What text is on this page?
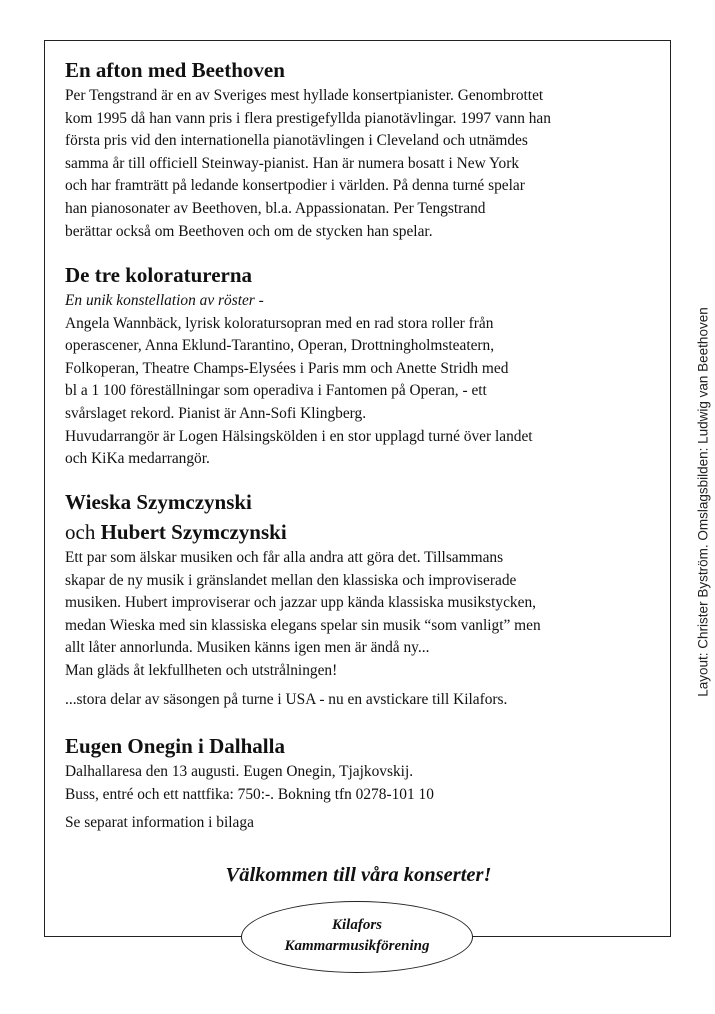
En afton med Beethoven

Per Tengstrand är en av Sveriges mest hyllade konsertpianister. Genombrottet
kom 1995 då han vann pris i flera prestigefyllda pianotävlingar. 1997 vann han
första pris vid den internationella pianotävlingen i Cleveland och utnämdes
samma år till officiell Steinway-pianist. Han är numera bosatt i New York
och har framträtt på ledande konsertpodier i världen. På denna turné spelar
han pianosonater av Beethoven, bl.a. Appassionatan. Per Tengstrand
berättar också om Beethoven och om de stycken han spelar.

De tre koloraturerna

En unik konstellation av röster -
Angela Wannbäck, lyrisk koloratursopran med en rad stora roller från
operascener, Anna Eklund-Tarantino, Operan, Drottningholmsteatern,
Folkoperan, Theatre Champs-Elysées i Paris mm och Anette Stridh med
bl a 1 100 föreställningar som operadiva i Fantomen på Operan, - ett
svårslaget rekord. Pianist är Ann-Sofi Klingberg.
Huvudarrangör är Logen Hälsingskölden i en stor upplagd turné över landet
och KiKa medarrangör.

Wieska Szymczynski
och Hubert Szymczynski

Ett par som älskar musiken och får alla andra att göra det. Tillsammans
skapar de ny musik i gränslandet mellan den klassiska och improviserade
musiken. Hubert improviserar och jazzar upp kända klassiska musikstycken,
medan Wieska med sin klassiska elegans spelar sin musik “som vanligt” men
allt låter annorlunda. Musiken känns igen men är ändå ny...
Man gläds åt lekfullheten och utstrålningen!
...stora delar av säsongen på turne i USA - nu en avstickare till Kilafors.

Eugen Onegin i Dalhalla

Dalhallaresa den 13 augusti. Eugen Onegin, Tjajkovskij.
Buss, entré och ett nattfika: 750:-. Bokning tfn 0278-101 10
Se separat information i bilaga

Välkommen till våra konserter!
Kilafors
Kammarmusikförening
Layout: Christer Byström. Omslagsbilden: Ludwig van Beethoven
